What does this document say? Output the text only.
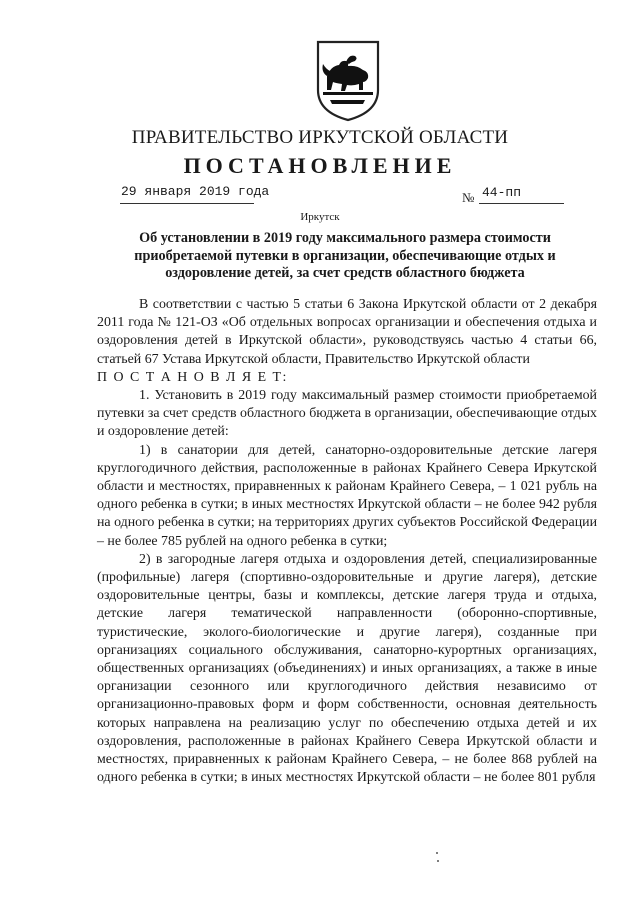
ПРАВИТЕЛЬСТВО ИРКУТСКОЙ ОБЛАСТИ
ПОСТАНОВЛЕНИЕ
29 января 2019 года	№ 44-пп
Иркутск
Об установлении в 2019 году максимального размера стоимости приобретаемой путевки в организации, обеспечивающие отдых и оздоровление детей, за счет средств областного бюджета

В соответствии с частью 5 статьи 6 Закона Иркутской области от 2 декабря 2011 года № 121-ОЗ «Об отдельных вопросах организации и обеспечения отдыха и оздоровления детей в Иркутской области», руководствуясь частью 4 статьи 66, статьей 67 Устава Иркутской области, Правительство Иркутской области

П О С Т А Н О В Л Я Е Т:

1. Установить в 2019 году максимальный размер стоимости приобретаемой путевки за счет средств областного бюджета в организации, обеспечивающие отдых и оздоровление детей:

1) в санатории для детей, санаторно-оздоровительные детские лагеря круглогодичного действия, расположенные в районах Крайнего Севера Иркутской области и местностях, приравненных к районам Крайнего Севера, – 1 021 рубль на одного ребенка в сутки; в иных местностях Иркутской области – не более 942 рубля на одного ребенка в сутки; на территориях других субъектов Российской Федерации – не более 785 рублей на одного ребенка в сутки;

2) в загородные лагеря отдыха и оздоровления детей, специализированные (профильные) лагеря (спортивно-оздоровительные и другие лагеря), детские оздоровительные центры, базы и комплексы, детские лагеря труда и отдыха, детские лагеря тематической направленности (оборонно-спортивные, туристические, эколого-биологические и другие лагеря), созданные при организациях социального обслуживания, санаторно-курортных организациях, общественных организациях (объединениях) и иных организациях, а также в иные организации сезонного или круглогодичного действия независимо от организационно-правовых форм и форм собственности, основная деятельность которых направлена на реализацию услуг по обеспечению отдыха детей и их оздоровления, расположенные в районах Крайнего Севера Иркутской области и местностях, приравненных к районам Крайнего Севера, – не более 868 рублей на одного ребенка в сутки; в иных местностях Иркутской области – не более 801 рубля
